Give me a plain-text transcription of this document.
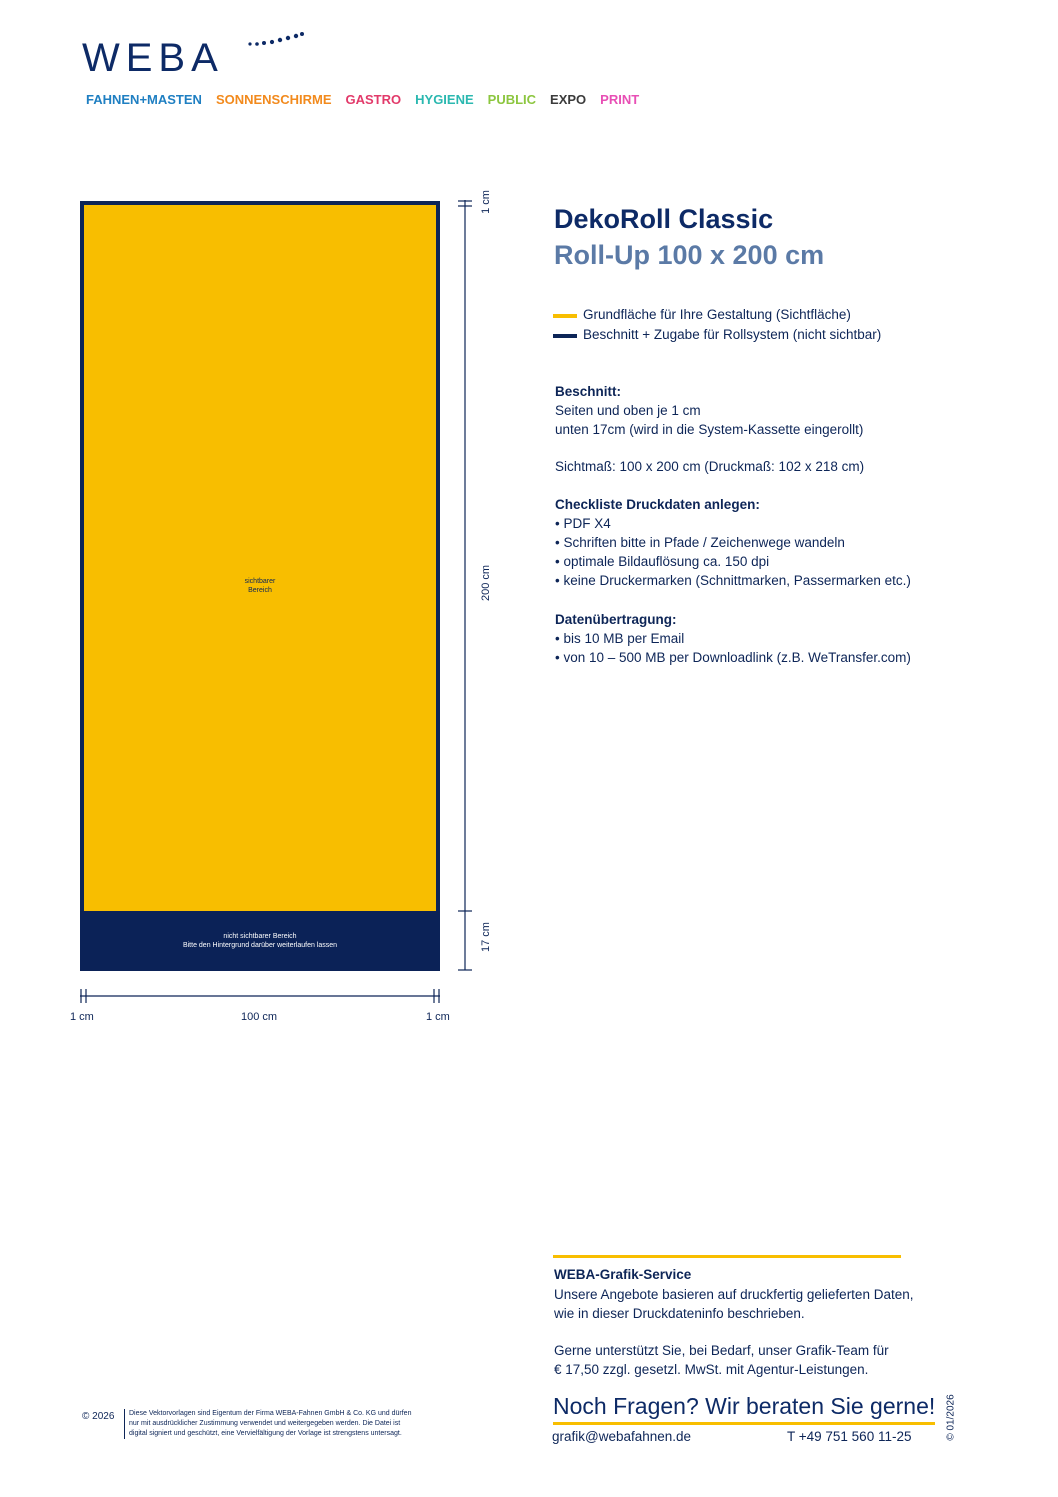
WEBA
FAHNEN+MASTEN SONNENSCHIRME GASTRO HYGIENE PUBLIC EXPO PRINT
sichtbarer
Bereich
nicht sichtbarer Bereich
Bitte den Hintergrund darüber weiterlaufen lassen
1 cm
200 cm
17 cm
1 cm	100 cm	1 cm
DekoRoll Classic
Roll-Up 100 x 200 cm
Grundfläche für Ihre Gestaltung (Sichtfläche)
Beschnitt + Zugabe für Rollsystem (nicht sichtbar)
Beschnitt:
Seiten und oben je 1 cm
unten 17cm (wird in die System-Kassette eingerollt)
Sichtmaß: 100 x 200 cm (Druckmaß: 102 x 218 cm)
Checkliste Druckdaten anlegen:
• PDF X4
• Schriften bitte in Pfade / Zeichenwege wandeln
• optimale Bildauflösung ca. 150 dpi
• keine Druckermarken (Schnittmarken, Passermarken etc.)
Datenübertragung:
• bis 10 MB per Email
• von 10 – 500 MB per Downloadlink (z.B. WeTransfer.com)
WEBA-Grafik-Service
Unsere Angebote basieren auf druckfertig gelieferten Daten,
wie in dieser Druckdateninfo beschrieben.
Gerne unterstützt Sie, bei Bedarf, unser Grafik-Team für
€ 17,50 zzgl. gesetzl. MwSt. mit Agentur-Leistungen.
Noch Fragen? Wir beraten Sie gerne!
grafik@webafahnen.de	T +49 751 560 11-25
© 2026 Diese Vektorvorlagen sind Eigentum der Firma WEBA-Fahnen GmbH & Co. KG und dürfen
nur mit ausdrücklicher Zustimmung verwendet und weitergegeben werden. Die Datei ist
digital signiert und geschützt, eine Vervielfältigung der Vorlage ist strengstens untersagt.	© 01/2026
